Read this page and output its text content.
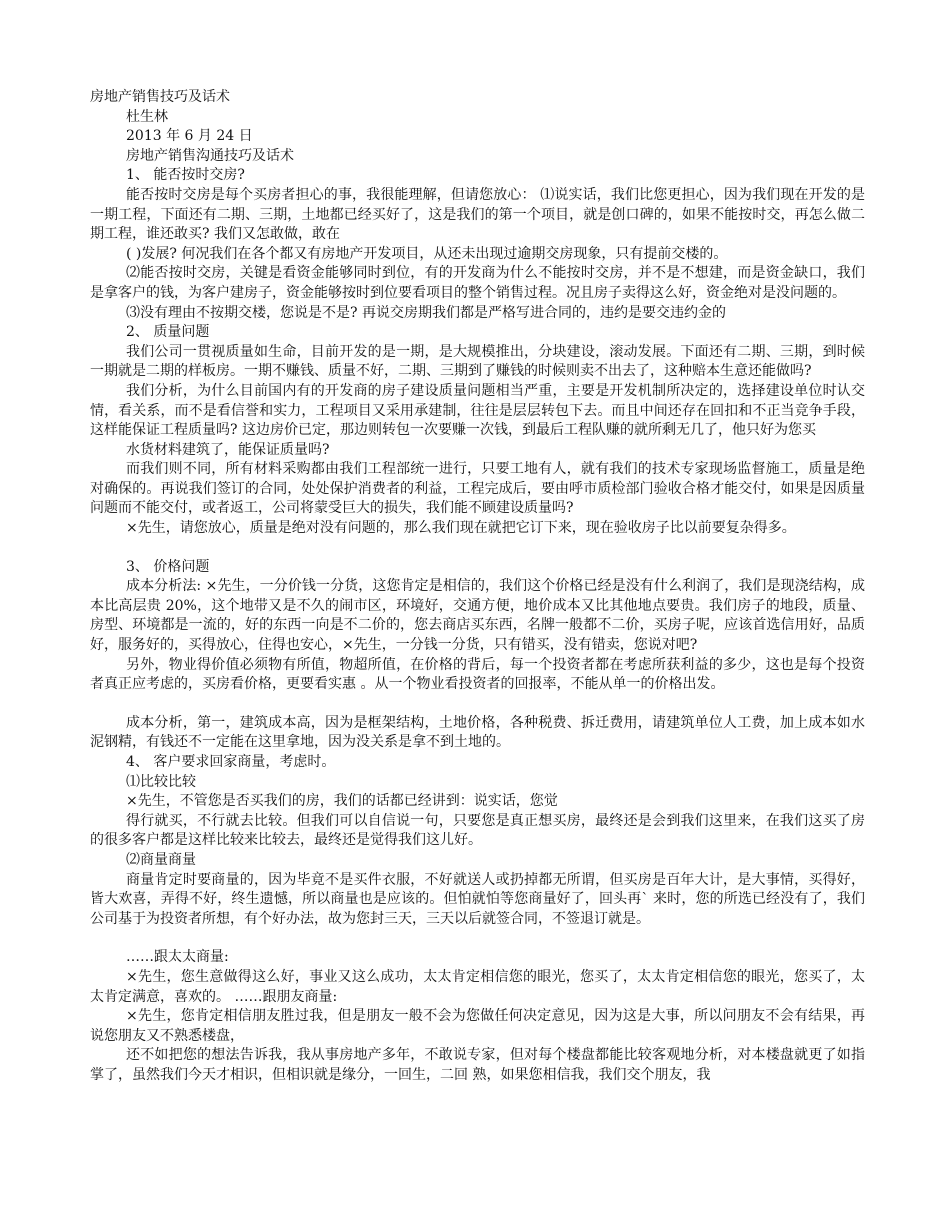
房地产销售技巧及话术

杜生林

2013 年 6 月 24 日

房地产销售沟通技巧及话术

1、 能否按时交房?

能否按时交房是每个买房者担心的事，我很能理解，但请您放心： ⑴说实话，我们比您更担心，因为我们现在开发的是一期工程，下面还有二期、三期，土地都已经买好了，这是我们的第一个项目，就是创口碑的，如果不能按时交，再怎么做二期工程，谁还敢买? 我们又怎敢做，敢在

( )发展? 何况我们在各个都又有房地产开发项目，从还未出现过逾期交房现象，只有提前交楼的。

⑵能否按时交房，关键是看资金能够同时到位，有的开发商为什么不能按时交房，并不是不想建，而是资金缺口，我们是拿客户的钱，为客户建房子，资金能够按时到位要看项目的整个销售过程。况且房子卖得这么好，资金绝对是没问题的。

⑶没有理由不按期交楼，您说是不是? 再说交房期我们都是严格写进合同的，违约是要交违约金的

2、 质量问题

我们公司一贯视质量如生命，目前开发的是一期，是大规模推出，分块建设，滚动发展。下面还有二期、三期，到时候一期就是二期的样板房。一期不赚钱、质量不好，二期、三期到了赚钱的时候则卖不出去了，这种赔本生意还能做吗?

我们分析，为什么目前国内有的开发商的房子建设质量问题相当严重，主要是开发机制所决定的，选择建设单位时认交情，看关系，而不是看信誉和实力，工程项目又采用承建制，往往是层层转包下去。而且中间还存在回扣和不正当竞争手段，这样能保证工程质量吗? 这边房价已定，那边则转包一次要赚一次钱，到最后工程队赚的就所剩无几了，他只好为您买

水货材料建筑了，能保证质量吗?

而我们则不同，所有材料采购都由我们工程部统一进行，只要工地有人，就有我们的技术专家现场监督施工，质量是绝对确保的。再说我们签订的合同，处处保护消费者的利益，工程完成后，要由呼市质检部门验收合格才能交付，如果是因质量问题而不能交付，或者返工，公司将蒙受巨大的损失，我们能不顾建设质量吗?

×先生，请您放心，质量是绝对没有问题的，那么我们现在就把它订下来，现在验收房子比以前要复杂得多。

3、 价格问题

成本分析法: ×先生，一分价钱一分货，这您肯定是相信的，我们这个价格已经是没有什么利润了，我们是现浇结构，成本比高层贵 20%，这个地带又是不久的闹市区，环境好，交通方便，地价成本又比其他地点要贵。我们房子的地段，质量、房型、环境都是一流的，好的东西一向是不二价的，您去商店买东西，名牌一般都不二价，买房子呢，应该首选信用好，品质好，服务好的，买得放心，住得也安心，×先生，一分钱一分货，只有错买，没有错卖，您说对吧?

另外，物业得价值必须物有所值，物超所值，在价格的背后，每一个投资者都在考虑所获利益的多少，这也是每个投资者真正应考虑的，买房看价格，更要看实惠 。从一个物业看投资者的回报率，不能从单一的价格出发。

成本分析，第一，建筑成本高，因为是框架结构，土地价格，各种税费、拆迁费用，请建筑单位人工费，加上成本如水泥钢精，有钱还不一定能在这里拿地，因为没关系是拿不到土地的。

4、 客户要求回家商量，考虑时。

⑴比较比较

×先生，不管您是否买我们的房，我们的话都已经讲到：说实话，您觉

得行就买，不行就去比较。但我们可以自信说一句，只要您是真正想买房，最终还是会到我们这里来，在我们这买了房的很多客户都是这样比较来比较去，最终还是觉得我们这儿好。

⑵商量商量

商量肯定时要商量的，因为毕竟不是买件衣服，不好就送人或扔掉都无所谓，但买房是百年大计，是大事情，买得好，皆大欢喜，弄得不好，终生遗憾，所以商量也是应该的。但怕就怕等您商量好了，回头再` 来时，您的所选已经没有了，我们公司基于为投资者所想，有个好办法，故为您封三天，三天以后就签合同，不签退订就是。

……跟太太商量:

×先生，您生意做得这么好，事业又这么成功，太太肯定相信您的眼光，您买了，太太肯定相信您的眼光，您买了，太太肯定满意，喜欢的。 ……跟朋友商量:

×先生，您肯定相信朋友胜过我，但是朋友一般不会为您做任何决定意见，因为这是大事，所以问朋友不会有结果，再说您朋友又不熟悉楼盘，

还不如把您的想法告诉我，我从事房地产多年，不敢说专家，但对每个楼盘都能比较客观地分析，对本楼盘就更了如指掌了，虽然我们今天才相识，但相识就是缘分，一回生，二回 熟，如果您相信我，我们交个朋友，我
